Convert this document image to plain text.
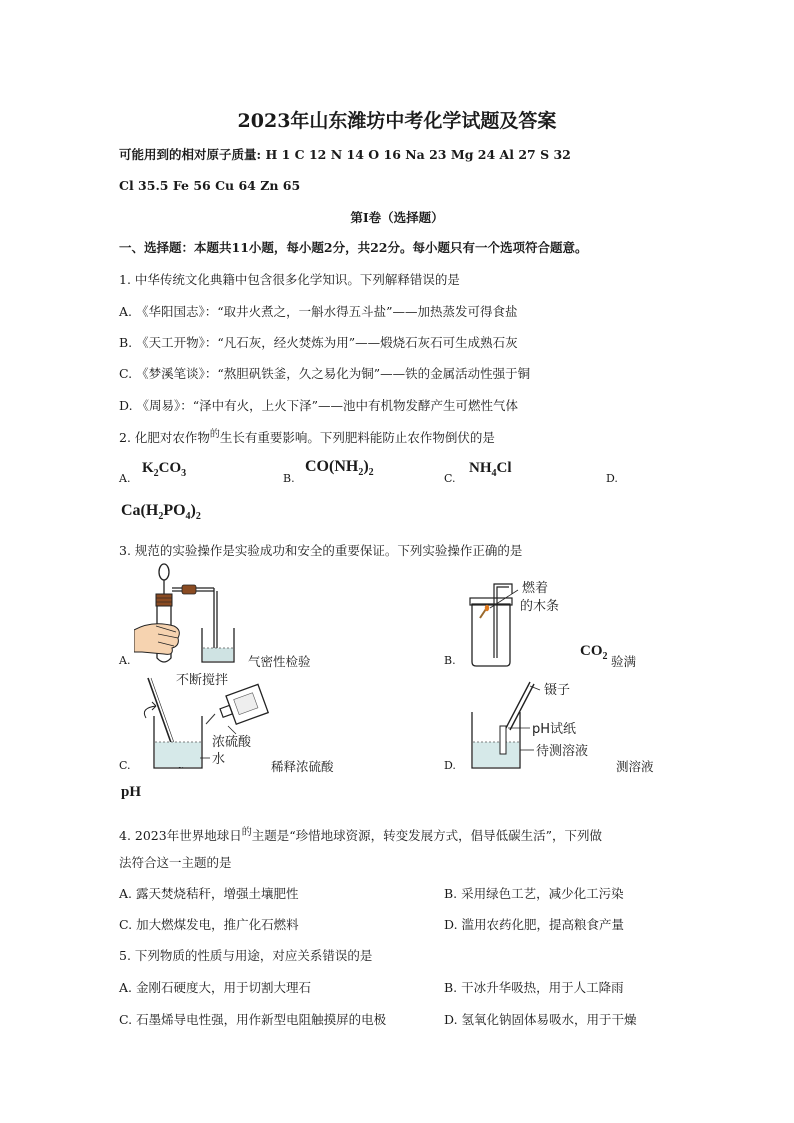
2023年山东潍坊中考化学试题及答案
可能用到的相对原子质量: H 1 C 12 N 14 O 16 Na 23 Mg 24 Al 27 S 32
Cl 35.5 Fe 56 Cu 64 Zn 65
第Ⅰ卷（选择题）
一、选择题：本题共11小题，每小题2分，共22分。每小题只有一个选项符合题意。
1. 中华传统文化典籍中包含很多化学知识。下列解释错误的是
A. 《华阳国志》：“取井火煮之，一斛水得五斗盐”——加热蒸发可得食盐
B. 《天工开物》：“凡石灰，经火焚炼为用”——煅烧石灰石可生成熟石灰
C. 《梦溪笔谈》：“熬胆矾铁釜，久之易化为铜”——铁的金属活动性强于铜
D. 《周易》：“泽中有火，上火下泽”——池中有机物发酵产生可燃性气体
2. 化肥对农作物$^的$生长有重要影响。下列肥料能防止农作物倒伏的是
A.
$K_2CO_3$	B.
$CO(NH_2)_2$	C.
$NH_4Cl$
D.
$Ca(H_2PO_4)_2$
3. 规范的实验操作是实验成功和安全的重要保证。下列实验操作正确的是
A.	气密性检验
燃着
的木条
B.
$CO_2$ 验满
不断搅拌
浓硫酸
水
C.	稀释浓硫酸
镊子
pH试纸
待测溶液
D.	测溶液
pH
4. 2023年世界地球日$^的$主题是“珍惜地球资源，转变发展方式，倡导低碳生活”，下列做
法符合这一主题的是
A. 露天焚烧秸秆，增强土壤肥性	B. 采用绿色工艺，减少化工污染
C. 加大燃煤发电，推广化石燃料	D. 滥用农药化肥，提高粮食产量
5. 下列物质的性质与用途，对应关系错误的是
A. 金刚石硬度大，用于切割大理石	B. 干冰升华吸热，用于人工降雨
C. 石墨烯导电性强，用作新型电阻触摸屏的电极	D. 氢氧化钠固体易吸水，用于干燥
